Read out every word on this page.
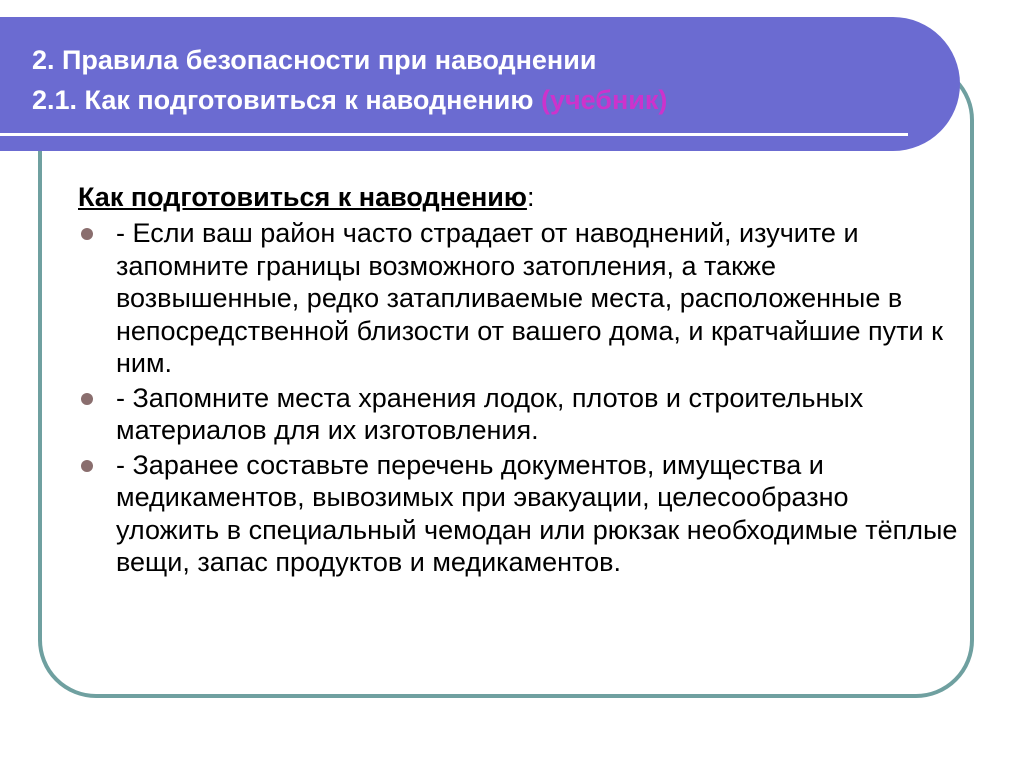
2. Правила безопасности при наводнении
2.1. Как подготовиться к наводнению (учебник)
Как подготовиться к наводнению:
- Если ваш район часто страдает от наводнений, изучите и запомните границы возможного затопления, а также возвышенные, редко затапливаемые места, расположенные в непосредственной близости от вашего дома, и кратчайшие пути к ним.
- Запомните места хранения лодок, плотов и строительных материалов для их изготовления.
- Заранее составьте перечень документов, имущества и медикаментов, вывозимых при эвакуации, целесообразно уложить в специальный чемодан или рюкзак необходимые тёплые вещи, запас продуктов и медикаментов.
